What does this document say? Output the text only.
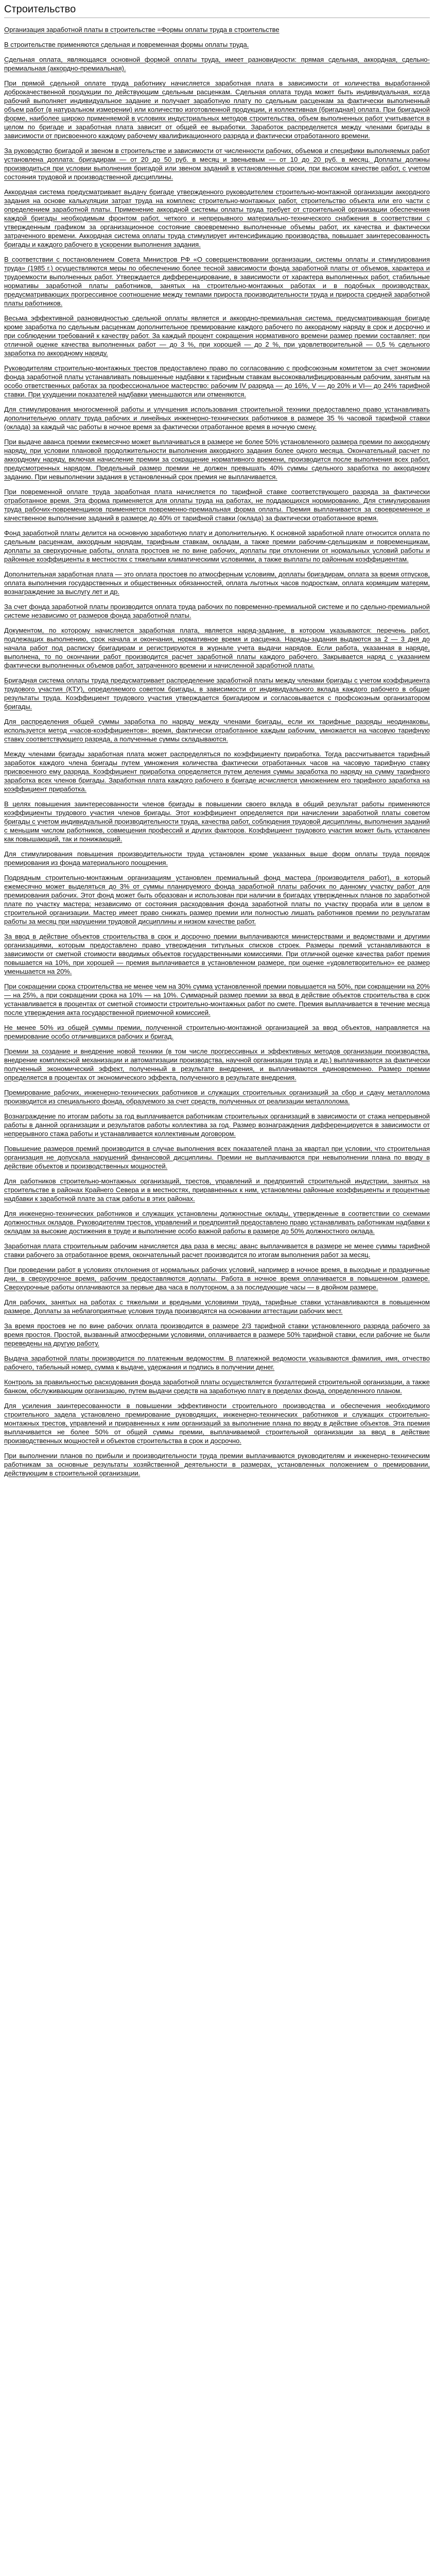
Строительство

Организация заработной платы в строительстве =Формы оплаты труда в строительстве

В строительстве применяются сдельная и повременная формы оплаты труда.

Сдельная оплата, являющаяся основной формой оплаты труда, имеет разновидности: прямая сдельная, аккордная, сдельно-премиальная (аккордно-премиальная).

При прямой сдельной оплате труда работнику начисляется заработная плата в зависимости от количества выработанной доброкачественной продукции по действующим сдельным расценкам. Сдельная оплата труда может быть индивидуальная, когда рабочий выполняет индивидуальное задание и получает заработную плату по сдельным расценкам за фактически выполненный объем работ (в натуральном измерении) или количество изготовленной продукции, и коллективная (бригадная) оплата. При бригадной форме, наиболее широко применяемой в условиях индустриальных методов строительства, объем выполненных работ учитывается в целом по бригаде и заработная плата зависит от общей ее выработки. Заработок распределяется между членами бригады в зависимости от присвоенного каждому рабочему квалификационного разряда и фактически отработанного времени.

За руководство бригадой и звеном в строительстве и зависимости от численности рабочих, объемов и специфики выполняемых работ установлена доплата: бригадирам — от 20 до 50 руб. в месяц и звеньевым — от 10 до 20 руб. в месяц. Доплаты должны производиться при условии выполнения бригадой или звеном заданий в установленные сроки, при высоком качестве работ, с учетом состояния трудовой и производственной дисциплины.

Аккордная система предусматривает выдачу бригаде утвержденного руководителем строительно-монтажной организации аккордного задания на основе калькуляции затрат труда на комплекс строительно-монтажных работ, строительство объекта или его части с определением заработной платы. Применение аккордной системы оплаты труда требует от строительной организации обеспечения каждой бригады необходимым фронтом работ, четкого и непрерывного материально-технического снабжения в соответствии с утвержденным графиком за организационное состояние своевременно выполненные объемы работ, их качества и фактически затраченного времени. Аккордная система оплаты труда стимулирует интенсификацию производства, повышает заинтересованность бригады и каждого рабочего в ускорении выполнения задания.

В соответствии с постановлением Совета Министров РФ «О совершенствовании организации, системы оплаты и стимулирования труда» (1985 г.) осуществляются меры по обеспечению более тесной зависимости фонда заработной платы от объемов, характера и трудоемкости выполненных работ. Утверждается дифференцирование, в зависимости от характера выполненных работ, стабильные нормативы заработной платы работников, занятых на строительно-монтажных работах и в подобных производствах, предусматривающих прогрессивное соотношение между темпами прироста производительности труда и прироста средней заработной платы работников.

Весьма эффективной разновидностью сдельной оплаты является и аккордно-премиальная система, предусматривающая бригаде кроме заработка по сдельным расценкам дополнительное премирование каждого рабочего по аккордному наряду в срок и досрочно и при соблюдении требований к качеству работ. За каждый процент сокращения нормативного времени размер премии составляет: при отличной оценке качества выполненных работ — до 3 %, при хорошей — до 2 %, при удовлетворительной — 0,5 % сдельного заработка по аккордному наряду.

Руководителям строительно-монтажных трестов предоставлено право по согласованию с профсоюзным комитетом за счет экономии фонда заработной платы устанавливать повышенные надбавки к тарифным ставкам высококвалифицированным рабочим, занятым на особо ответственных работах за профессиональное мастерство: рабочим IV разряда — до 16%, V — до 20% и VI— до 24% тарифной ставки. При ухудшении показателей надбавки уменьшаются или отменяются.

Для стимулирования многосменной работы и улучшения использования строительной техники предоставлено право устанавливать дополнительную оплату труда рабочих и линейных инженерно-технических работников в размере 35 % часовой тарифной ставки (оклада) за каждый час работы в ночное время за фактически отработанное время в ночную смену.

При выдаче аванса премии ежемесячно может выплачиваться в размере не более 50% установленного размера премии по аккордному наряду, при условии плановой продолжительности выполнения аккордного задания более одного месяца. Окончательный расчет по аккордному наряду, включая начисление премии за сокращение нормативного времени, производится после выполнения всех работ, предусмотренных нарядом. Предельный размер премии не должен превышать 40% суммы сдельного заработка по аккордному заданию. При невыполнении задания в установленный срок премия не выплачивается.

При повременной оплате труда заработная плата начисляется по тарифной ставке соответствующего разряда за фактически отработанное время. Эта форма применяется для оплаты труда на работах, не поддающихся нормированию. Для стимулирования труда рабочих-повременщиков применяется повременно-премиальная форма оплаты. Премия выплачивается за своевременное и качественное выполнение заданий в размере до 40% от тарифной ставки (оклада) за фактически отработанное время.

Фонд заработной платы делится на основную заработную плату и дополнительную. К основной заработной плате относится оплата по сдельным расценкам, аккордным нарядам, тарифным ставкам, окладам, а также премии рабочим-сдельщикам и повременщикам, доплаты за сверхурочные работы, оплата простоев не по вине рабочих, доплаты при отклонении от нормальных условий работы и районные коэффициенты в местностях с тяжелыми климатическими условиями, а также выплаты по районным коэффициентам.

Дополнительная заработная плата — это оплата простоев по атмосферным условиям, доплаты бригадирам, оплата за время отпусков, оплата выполнения государственных и общественных обязанностей, оплата льготных часов подросткам, оплата кормящим матерям, вознаграждение за выслугу лет и др.

За счет фонда заработной платы производится оплата труда рабочих по повременно-премиальной системе и по сдельно-премиальной системе независимо от размеров фонда заработной платы.

Документом, по которому начисляется заработная плата, является наряд-задание, в котором указываются: перечень работ, подлежащих выполнению, срок начала и окончания, нормативное время и расценка. Наряды-задания выдаются за 2 — 3 дня до начала работ под расписку бригадирам и регистрируются в журнале учета выдачи нарядов. Если работа, указанная в наряде, выполнена, то по окончании работ производится расчет заработной платы каждого рабочего. Закрывается наряд с указанием фактически выполненных объемов работ, затраченного времени и начисленной заработной платы.

Бригадная система оплаты труда предусматривает распределение заработной платы между членами бригады с учетом коэффициента трудового участия (КТУ), определяемого советом бригады, в зависимости от индивидуального вклада каждого рабочего в общие результаты труда. Коэффициент трудового участия утверждается бригадиром и согласовывается с профсоюзным организатором бригады.

Для распределения общей суммы заработка по наряду между членами бригады, если их тарифные разряды неодинаковы, используется метод «часов-коэффициентов»: время, фактически отработанное каждым рабочим, умножается на часовую тарифную ставку соответствующего разряда, а полученные суммы складываются.

Между членами бригады заработная плата может распределяться по коэффициенту приработка. Тогда рассчитывается тарифный заработок каждого члена бригады путем умножения количества фактически отработанных часов на часовую тарифную ставку присвоенного ему разряда. Коэффициент приработка определяется путем деления суммы заработка по наряду на сумму тарифного заработка всех членов бригады. Заработная плата каждого рабочего в бригаде исчисляется умножением его тарифного заработка на коэффициент приработка.

В целях повышения заинтересованности членов бригады в повышении своего вклада в общий результат работы применяются коэффициенты трудового участия членов бригады. Этот коэффициент определяется при начислении заработной платы советом бригады с учетом индивидуальной производительности труда, качества работ, соблюдения трудовой дисциплины, выполнения заданий с меньшим числом работников, совмещения профессий и других факторов. Коэффициент трудового участия может быть установлен как повышающий, так и понижающий.

Для стимулирования повышения производительности труда установлен кроме указанных выше форм оплаты труда порядок премирования из фонда материального поощрения.

Подрядным строительно-монтажным организациям установлен премиальный фонд мастера (производителя работ), в который ежемесячно может выделяться до 3% от суммы планируемого фонда заработной платы рабочих по данному участку работ для премирования рабочих. Этот фонд может быть образован и использован при наличии в бригадах утвержденных планов по заработной плате по участку мастера; независимо от состояния расходования фонда заработной платы по участку прораба или в целом в строительной организации. Мастер имеет право снижать размер премии или полностью лишать работников премии по результатам работы за месяц при нарушении трудовой дисциплины и низком качестве работ.

За ввод в действие объектов строительства в срок и досрочно премии выплачиваются министерствами и ведомствами и другими организациями, которым предоставлено право утверждения титульных списков строек. Размеры премий устанавливаются в зависимости от сметной стоимости вводимых объектов государственными комиссиями. При отличной оценке качества работ премия повышается на 10%, при хорошей — премия выплачивается в установленном размере, при оценке «удовлетворительно» ее размер уменьшается на 20%.

При сокращении срока строительства не менее чем на 30% сумма установленной премии повышается на 50%, при сокращении на 20%— на 25%, а при сокращении срока на 10% — на 10%. Суммарный размер премии за ввод в действие объектов строительства в срок устанавливается в процентах от сметной стоимости строительно-монтажных работ по смете. Премия выплачивается в течение месяца после утверждения акта государственной приемочной комиссией.

Не менее 50% из общей суммы премии, полученной строительно-монтажной организацией за ввод объектов, направляется на премирование особо отличившихся рабочих и бригад.

Премии за создание и внедрение новой техники (в том числе прогрессивных и эффективных методов организации производства, внедрение комплексной механизации и автоматизации производства, научной организации труда и др.) выплачиваются за фактически полученный экономический эффект, полученный в результате внедрения, и выплачиваются единовременно. Размер премии определяется в процентах от экономического эффекта, полученного в результате внедрения.

Премирование рабочих, инженерно-технических работников и служащих строительных организаций за сбор и сдачу металлолома производится из специального фонда, образуемого за счет средств, полученных от реализации металлолома.

Вознаграждение по итогам работы за год выплачивается работникам строительных организаций в зависимости от стажа непрерывной работы в данной организации и результатов работы коллектива за год. Размер вознаграждения дифференцируется в зависимости от непрерывного стажа работы и устанавливается коллективным договором.

Повышение размеров премий производится в случае выполнения всех показателей плана за квартал при условии, что строительная организация не допускала нарушений финансовой дисциплины. Премии не выплачиваются при невыполнении плана по вводу в действие объектов и производственных мощностей.

Для работников строительно-монтажных организаций, трестов, управлений и предприятий строительной индустрии, занятых на строительстве в районах Крайнего Севера и в местностях, приравненных к ним, установлены районные коэффициенты и процентные надбавки к заработной плате за стаж работы в этих районах.

Для инженерно-технических работников и служащих установлены должностные оклады, утвержденные в соответствии со схемами должностных окладов. Руководителям трестов, управлений и предприятий предоставлено право устанавливать работникам надбавки к окладам за высокие достижения в труде и выполнение особо важной работы в размере до 50% должностного оклада.

Заработная плата строительным рабочим начисляется два раза в месяц: аванс выплачивается в размере не менее суммы тарифной ставки рабочего за отработанное время, окончательный расчет производится по итогам выполнения работ за месяц.

При проведении работ в условиях отклонения от нормальных рабочих условий, например в ночное время, в выходные и праздничные дни, в сверхурочное время, рабочим предоставляются доплаты. Работа в ночное время оплачивается в повышенном размере. Сверхурочные работы оплачиваются за первые два часа в полуторном, а за последующие часы — в двойном размере.

Для рабочих, занятых на работах с тяжелыми и вредными условиями труда, тарифные ставки устанавливаются в повышенном размере. Доплаты за неблагоприятные условия труда производятся на основании аттестации рабочих мест.

За время простоев не по вине рабочих оплата производится в размере 2/3 тарифной ставки установленного разряда рабочего за время простоя. Простой, вызванный атмосферными условиями, оплачивается в размере 50% тарифной ставки, если рабочие не были переведены на другую работу.

Выдача заработной платы производится по платежным ведомостям. В платежной ведомости указываются фамилия, имя, отчество рабочего, табельный номер, сумма к выдаче, удержания и подпись в получении денег.

Контроль за правильностью расходования фонда заработной платы осуществляется бухгалтерией строительной организации, а также банком, обслуживающим организацию, путем выдачи средств на заработную плату в пределах фонда, определенного планом.

Для усиления заинтересованности в повышении эффективности строительного производства и обеспечения необходимого строительного задела установлено премирование руководящих, инженерно-технических работников и служащих строительно-монтажных трестов, управлений и приравненных к ним организаций за выполнение плана по вводу в действие объектов. Эта премия выплачивается не более 50% от общей суммы премии, выплачиваемой строительной организации за ввод в действие производственных мощностей и объектов строительства в срок и досрочно.

При выполнении планов по прибыли и производительности труда премии выплачиваются руководителям и инженерно-техническим работникам за основные результаты хозяйственной деятельности в размерах, установленных положением о премировании, действующим в строительной организации.
